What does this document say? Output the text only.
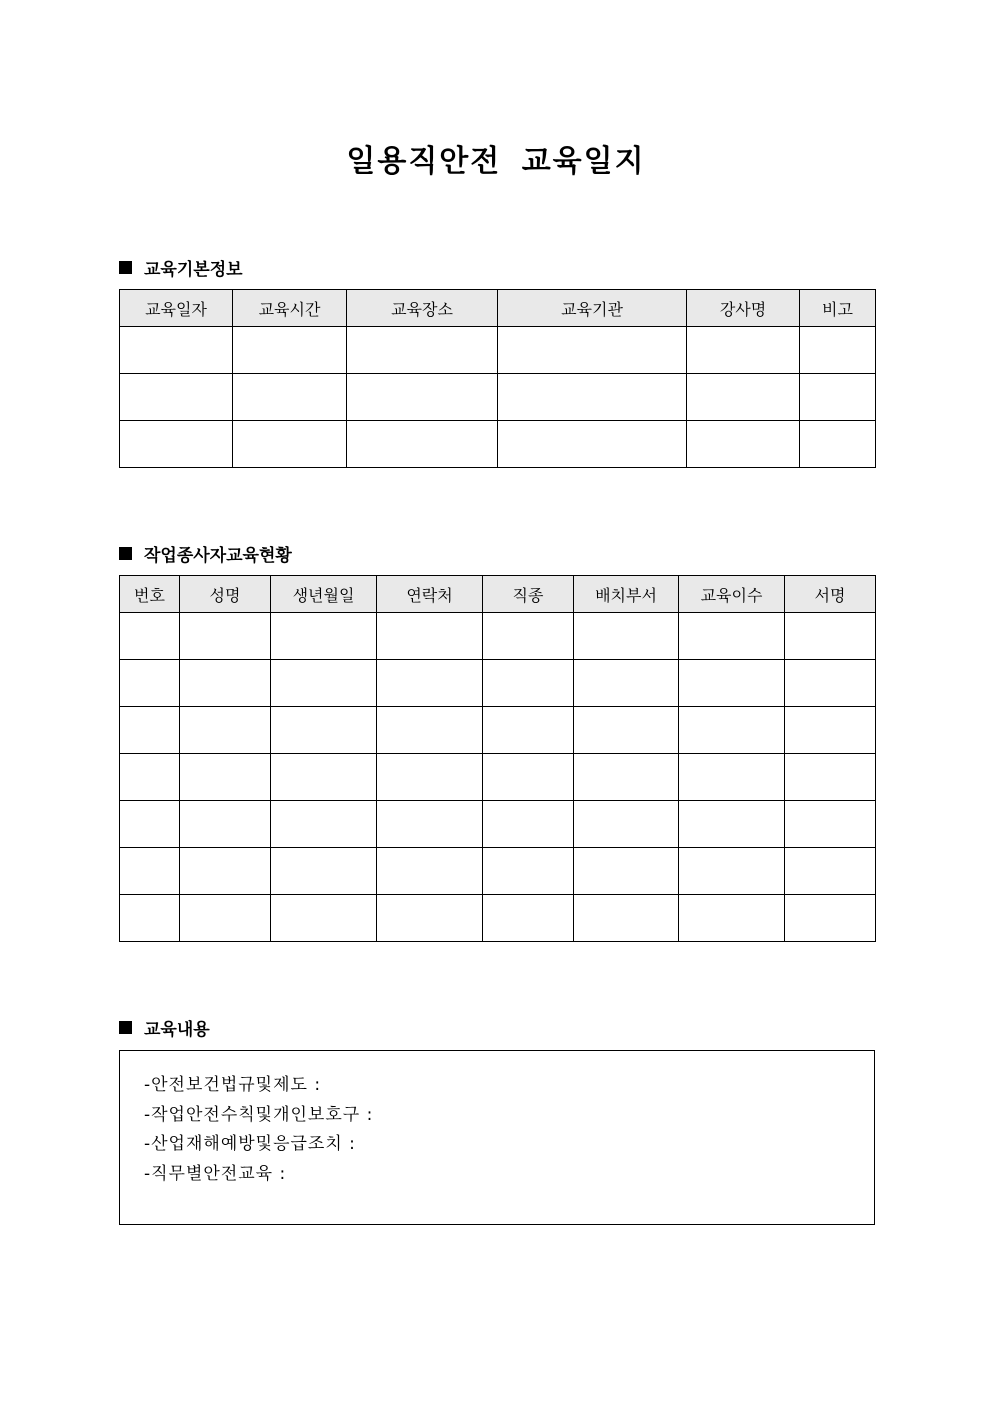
일용직안전 교육일지
교육기본정보
교육일자	교육시간	교육장소	교육기관	강사명	비고

작업종사자교육현황
번호	성명	생년월일	연락처	직종	배치부서	교육이수	서명

교육내용
-안전보건법규및제도 :
-작업안전수칙및개인보호구 :
-산업재해예방및응급조치 :
-직무별안전교육 :
